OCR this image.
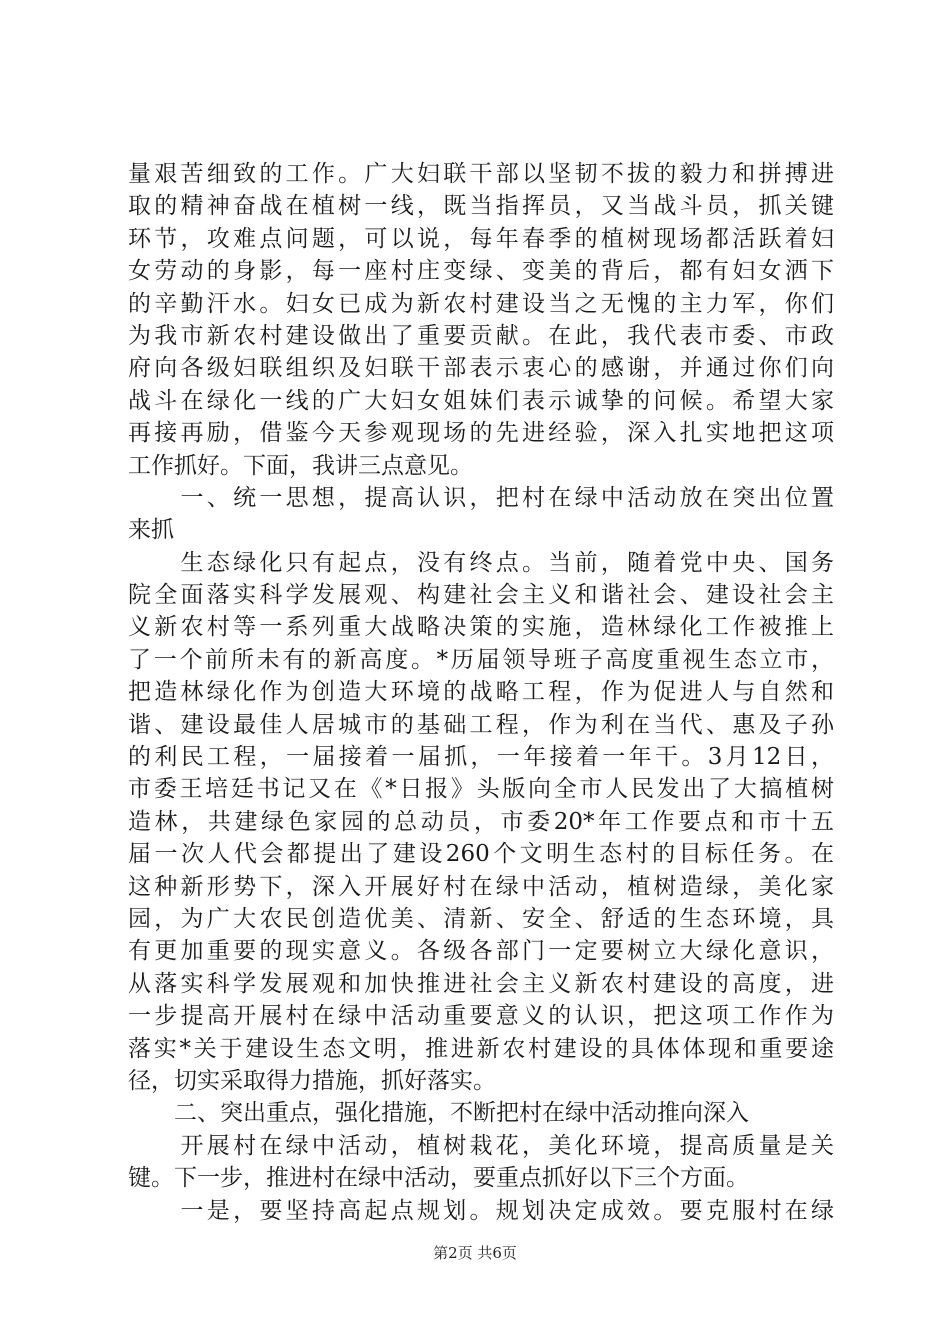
量艰苦细致的工作。广大妇联干部以坚韧不拔的毅力和拼搏进
取的精神奋战在植树一线，既当指挥员，又当战斗员，抓关键
环节，攻难点问题，可以说，每年春季的植树现场都活跃着妇
女劳动的身影，每一座村庄变绿、变美的背后，都有妇女洒下
的辛勤汗水。妇女已成为新农村建设当之无愧的主力军，你们
为我市新农村建设做出了重要贡献。在此，我代表市委、市政
府向各级妇联组织及妇联干部表示衷心的感谢，并通过你们向
战斗在绿化一线的广大妇女姐妹们表示诚挚的问候。希望大家
再接再励，借鉴今天参观现场的先进经验，深入扎实地把这项
工作抓好。下面，我讲三点意见。
　　一、统一思想，提高认识，把村在绿中活动放在突出位置
来抓
　　生态绿化只有起点，没有终点。当前，随着党中央、国务
院全面落实科学发展观、构建社会主义和谐社会、建设社会主
义新农村等一系列重大战略决策的实施，造林绿化工作被推上
了一个前所未有的新高度。*历届领导班子高度重视生态立市，
把造林绿化作为创造大环境的战略工程，作为促进人与自然和
谐、建设最佳人居城市的基础工程，作为利在当代、惠及子孙
的利民工程，一届接着一届抓，一年接着一年干。3月12日，
市委王培廷书记又在《*日报》头版向全市人民发出了大搞植树
造林，共建绿色家园的总动员，市委20*年工作要点和市十五
届一次人代会都提出了建设260个文明生态村的目标任务。在
这种新形势下，深入开展好村在绿中活动，植树造绿，美化家
园，为广大农民创造优美、清新、安全、舒适的生态环境，具
有更加重要的现实意义。各级各部门一定要树立大绿化意识，
从落实科学发展观和加快推进社会主义新农村建设的高度，进
一步提高开展村在绿中活动重要意义的认识，把这项工作作为
落实*关于建设生态文明，推进新农村建设的具体体现和重要途
径，切实采取得力措施，抓好落实。
　　二、突出重点，强化措施，不断把村在绿中活动推向深入
　　开展村在绿中活动，植树栽花，美化环境，提高质量是关
键。下一步，推进村在绿中活动，要重点抓好以下三个方面。
　　一是，要坚持高起点规划。规划决定成效。要克服村在绿
第2页 共6页
